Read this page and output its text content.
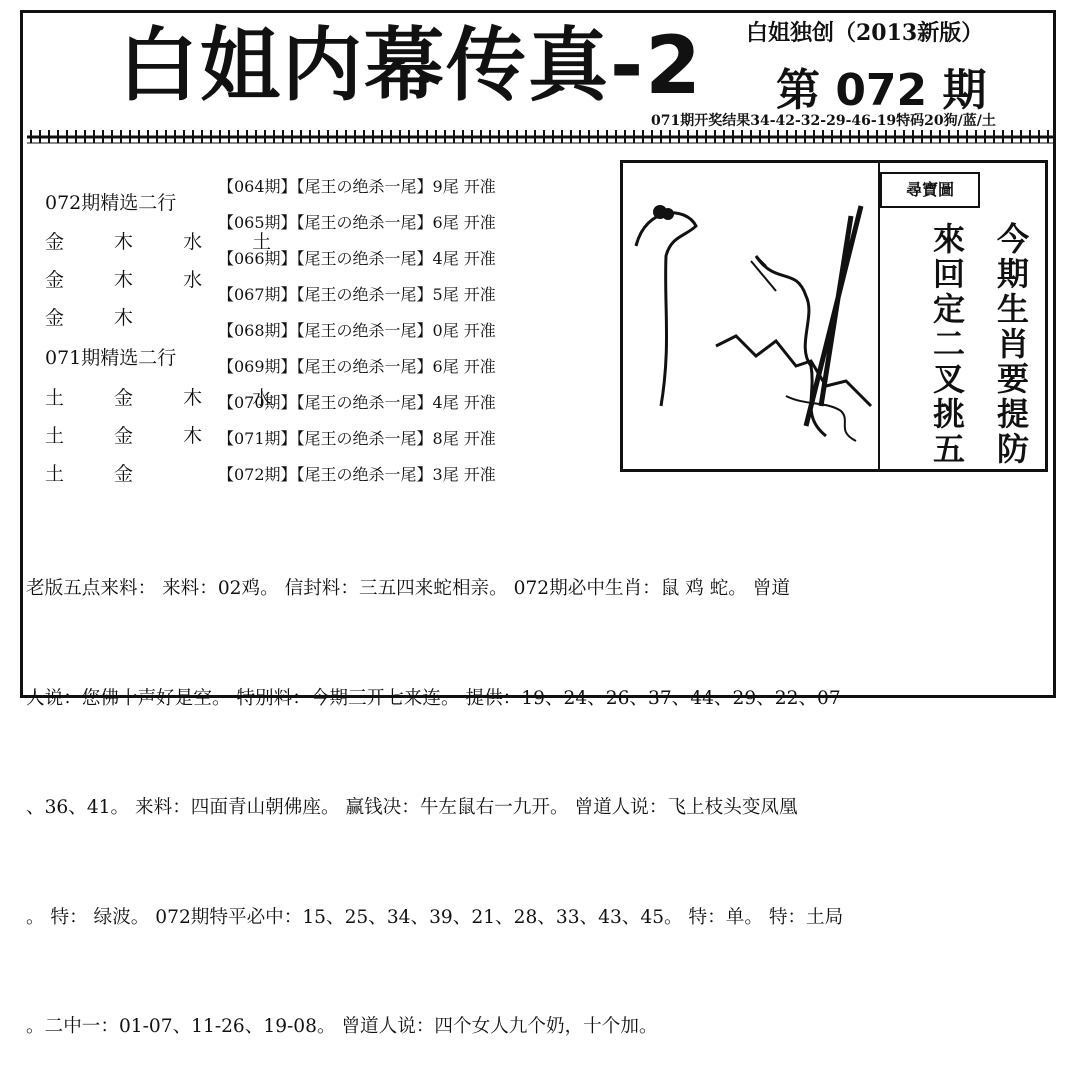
白姐内幕传真-2 白姐独创（2013新版）
第 072 期
071期开奖结果34-42-32-29-46-19特码20狗/蓝/土
072期精选二行
金 木 水 土
金 木 水
金 木
071期精选二行
土 金 木 水
土 金 木
土 金
【064期】【尾王の绝杀一尾】9尾 开准
【065期】【尾王の绝杀一尾】6尾 开准
【066期】【尾王の绝杀一尾】4尾 开准
【067期】【尾王の绝杀一尾】5尾 开准
【068期】【尾王の绝杀一尾】0尾 开准
【069期】【尾王の绝杀一尾】6尾 开准
【070期】【尾王の绝杀一尾】4尾 开准
【071期】【尾王の绝杀一尾】8尾 开准
【072期】【尾王の绝杀一尾】3尾 开准
尋寶圖
今期生肖要提防
來回定二叉挑五

老版五点来料： 来料：02鸡。 信封料：三五四来蛇相亲。 072期必中生肖：鼠 鸡 蛇。 曾道

人说：您佛十声好是空。 特别料：今期三开七来连。 提供：19、24、26、37、44、29、22、07

、36、41。 来料：四面青山朝佛座。 赢钱决：牛左鼠右一九开。 曾道人说：飞上枝头变凤凰

。 特： 绿波。 072期特平必中：15、25、34、39、21、28、33、43、45。 特：单。 特：土局

。二中一：01-07、11-26、19-08。 曾道人说：四个女人九个奶，十个加。
